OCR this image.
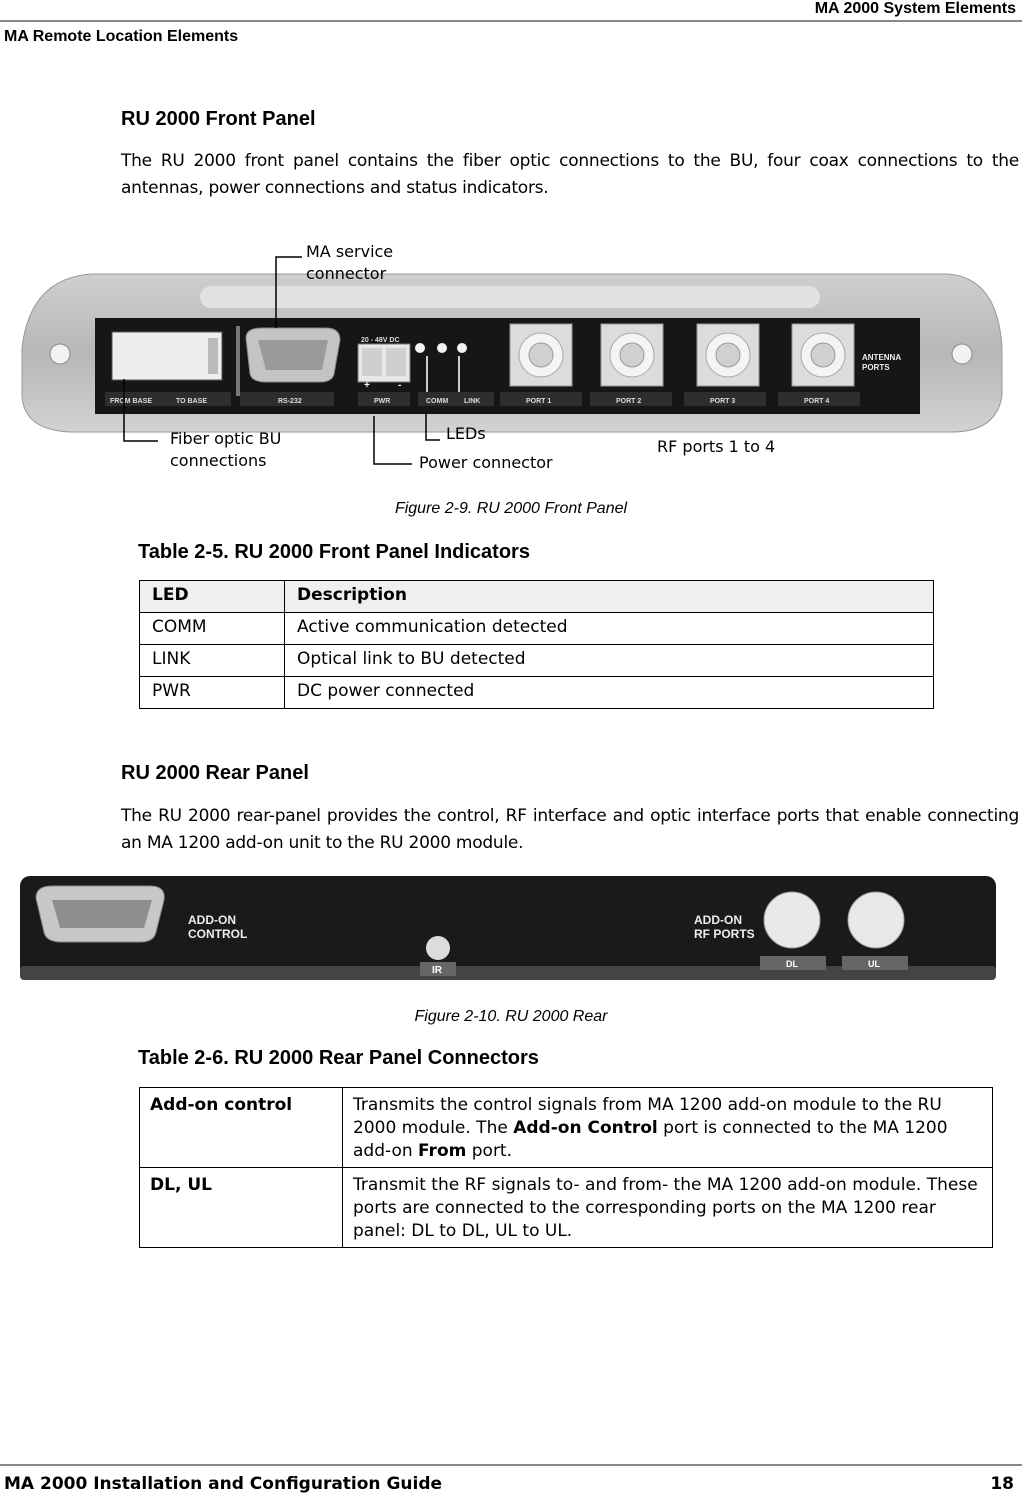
MA 2000 System Elements
MA Remote Location Elements
RU 2000 Front Panel
The RU 2000 front panel contains the fiber optic connections to the BU, four coax connections to the antennas, power connections and status indicators.
+	-
FROM BASE	TO BASE	RS-232
20 - 48V DC
PWR	COMM LINK	PORT 1	PORT 2	PORT 3	PORT 4
ANTENNA
PORTS
MA service connector
Fiber optic BU
connections
LEDs
Power connector
RF ports 1 to 4
Figure 2-9. RU 2000 Front Panel
Table 2-5. RU 2000 Front Panel Indicators
LED	Description
COMM	Active communication detected
LINK	Optical link to BU detected
PWR	DC power connected
RU 2000 Rear Panel
The RU 2000 rear-panel provides the control, RF interface and optic interface ports that enable connecting an MA 1200 add-on unit to the RU 2000 module.
ADD-ON
CONTROL
ADD-ON
RF PORTS
IR
DL	UL
Figure 2-10. RU 2000 Rear
Table 2-6. RU 2000 Rear Panel Connectors
Add-on control	Transmits the control signals from MA 1200 add-on module to the RU 2000 module. The Add-on Control port is connected to the MA 1200 add-on From port.
DL, UL	Transmit the RF signals to- and from- the MA 1200 add-on module. These ports are connected to the corresponding ports on the MA 1200 rear panel: DL to DL, UL to UL.
MA 2000 Installation and Configuration Guide	18
